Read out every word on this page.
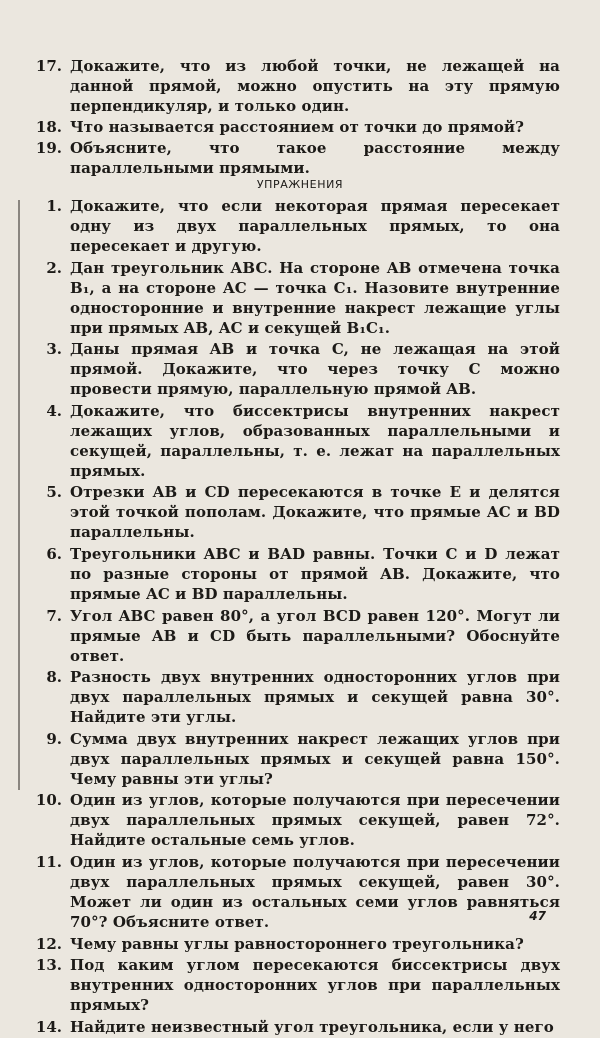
17. Докажите, что из любой точки, не лежащей на данной прямой, можно опустить на эту прямую перпендикуляр, и только один.
18. Что называется расстоянием от точки до прямой?
19. Объясните, что такое расстояние между параллельными прямыми.
УПРАЖНЕНИЯ
1. Докажите, что если некоторая прямая пересекает одну из двух параллельных прямых, то она пересекает и другую.
2. Дан треугольник ABC. На стороне AB отмечена точка B₁, а на стороне AC — точка C₁. Назовите внутренние односторонние и внутренние накрест лежащие углы при прямых AB, AC и секущей B₁C₁.
3. Даны прямая AB и точка C, не лежащая на этой прямой. Докажите, что через точку C можно провести прямую, параллельную прямой AB.
4. Докажите, что биссектрисы внутренних накрест лежащих углов, образованных параллельными и секущей, параллельны, т. е. лежат на параллельных прямых.
5. Отрезки AB и CD пересекаются в точке E и делятся этой точкой пополам. Докажите, что прямые AC и BD параллельны.
6. Треугольники ABC и BAD равны. Точки C и D лежат по разные стороны от прямой AB. Докажите, что прямые AC и BD параллельны.
7. Угол ABC равен 80°, а угол BCD равен 120°. Могут ли прямые AB и CD быть параллельными? Обоснуйте ответ.
8. Разность двух внутренних односторонних углов при двух параллельных прямых и секущей равна 30°. Найдите эти углы.
9. Сумма двух внутренних накрест лежащих углов при двух параллельных прямых и секущей равна 150°. Чему равны эти углы?
10. Один из углов, которые получаются при пересечении двух параллельных прямых секущей, равен 72°. Найдите остальные семь углов.
11. Один из углов, которые получаются при пересечении двух параллельных прямых секущей, равен 30°. Может ли один из остальных семи углов равняться 70°? Объясните ответ.
12. Чему равны углы равностороннего треугольника?
13. Под каким углом пересекаются биссектрисы двух внутренних односторонних углов при параллельных прямых?
14. Найдите неизвестный угол треугольника, если у него
47
